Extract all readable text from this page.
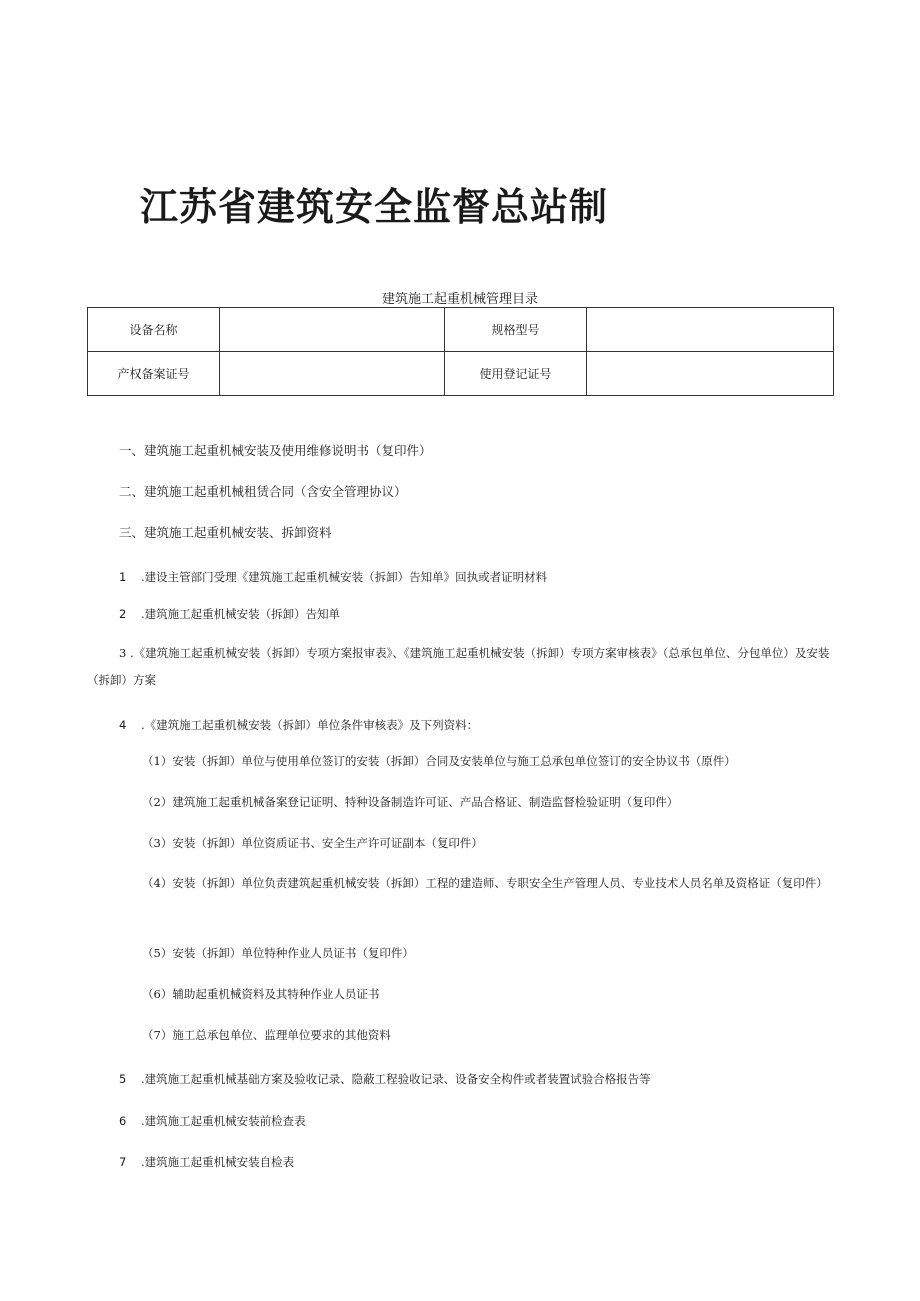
江苏省建筑安全监督总站制
建筑施工起重机械管理目录
设备名称		规格型号	
产权备案证号		使用登记证号	
一、建筑施工起重机械安装及使用维修说明书（复印件）
二、建筑施工起重机械租赁合同（含安全管理协议）
三、建筑施工起重机械安装、拆卸资料
1 .建设主管部门受理《建筑施工起重机械安装（拆卸）告知单》回执或者证明材料
2 .建筑施工起重机械安装（拆卸）告知单
3 .《建筑施工起重机械安装（拆卸）专项方案报审表》、《建筑施工起重机械安装（拆卸）专项方案审核表》（总承包单位、分包单位）及安装（拆卸）方案
4 .《建筑施工起重机械安装（拆卸）单位条件审核表》及下列资料：
（1）安装（拆卸）单位与使用单位签订的安装（拆卸）合同及安装单位与施工总承包单位签订的安全协议书（原件）
（2）建筑施工起重机械备案登记证明、特种设备制造许可证、产品合格证、制造监督检验证明（复印件）
（3）安装（拆卸）单位资质证书、安全生产许可证副本（复印件）
（4）安装（拆卸）单位负责建筑起重机械安装（拆卸）工程的建造师、专职安全生产管理人员、专业技术人员名单及资格证（复印件）
（5）安装（拆卸）单位特种作业人员证书（复印件）
（6）辅助起重机械资料及其特种作业人员证书
（7）施工总承包单位、监理单位要求的其他资料
5 .建筑施工起重机械基础方案及验收记录、隐蔽工程验收记录、设备安全构件或者装置试验合格报告等
6 .建筑施工起重机械安装前检查表
7 .建筑施工起重机械安装自检表
